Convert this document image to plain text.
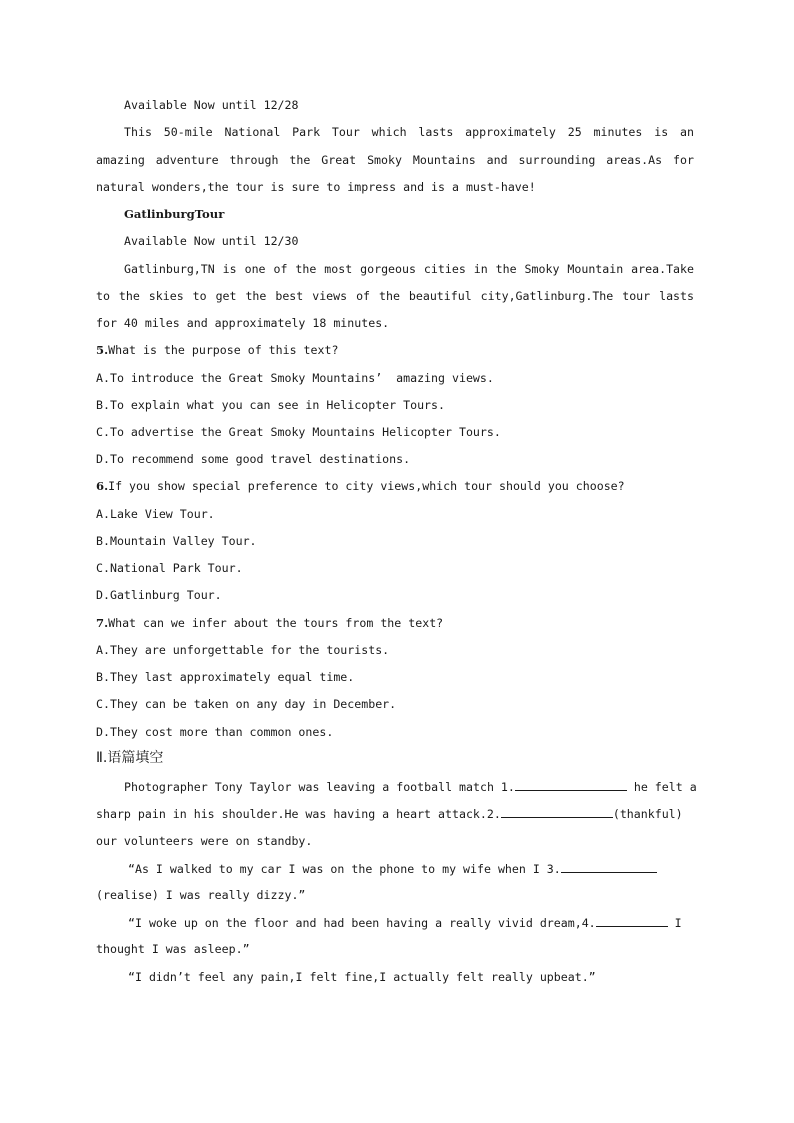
Available Now until 12/28
This 50-mile National Park Tour which lasts approximately 25 minutes is an
amazing adventure through the Great Smoky Mountains and surrounding areas.As for
natural wonders,the tour is sure to impress and is a must-have!
GatlinburgTour
Available Now until 12/30
Gatlinburg,TN is one of the most gorgeous cities in the Smoky Mountain area.Take
to the skies to get the best views of the beautiful city,Gatlinburg.The tour lasts
for 40 miles and approximately 18 minutes.
5.What is the purpose of this text?
A.To introduce the Great Smoky Mountains’  amazing views.
B.To explain what you can see in Helicopter Tours.
C.To advertise the Great Smoky Mountains Helicopter Tours.
D.To recommend some good travel destinations.
6.If you show special preference to city views,which tour should you choose?
A.Lake View Tour.
B.Mountain Valley Tour.
C.National Park Tour.
D.Gatlinburg Tour.
7.What can we infer about the tours from the text?
A.They are unforgettable for the tourists.
B.They last approximately equal time.
C.They can be taken on any day in December.
D.They cost more than common ones.
Ⅱ.语篇填空
Photographer Tony Taylor was leaving a football match 1.	he felt a
sharp pain in his shoulder.He was having a heart attack.2.	(thankful)
our volunteers were on standby.
“As I walked to my car I was on the phone to my wife when I 3.
(realise) I was really dizzy.”
“I woke up on the floor and had been having a really vivid dream,4.	I
thought I was asleep.”
“I didn’t feel any pain,I felt fine,I actually felt really upbeat.”
